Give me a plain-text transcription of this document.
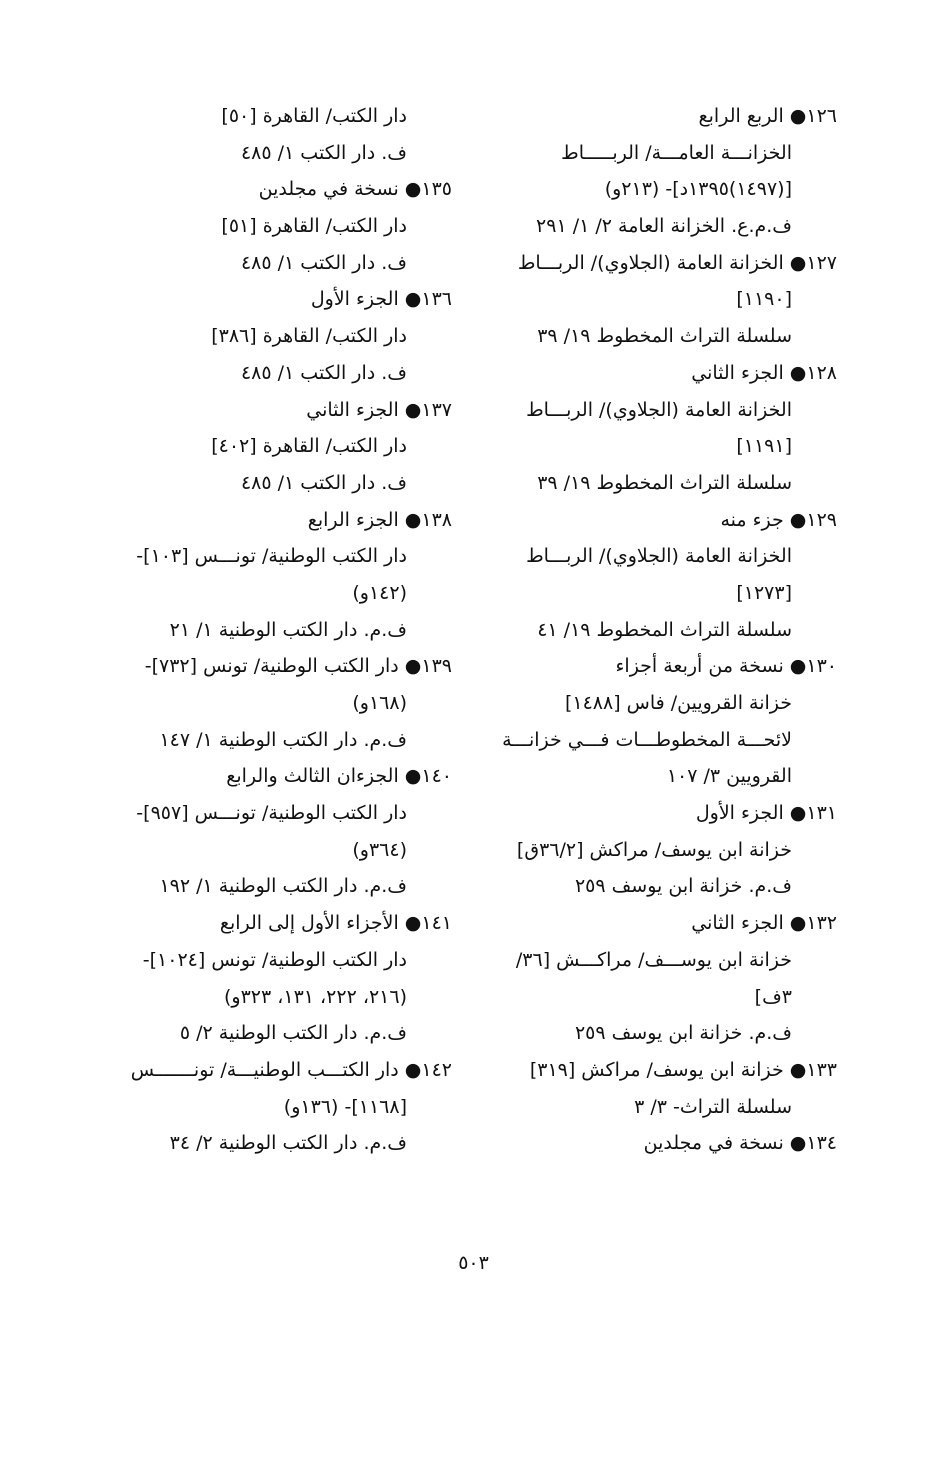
١٢٦● الربع الرابع
الخزانـــة العامـــة/ الربـــــاط
[(١٤٩٧)١٣٩٥د]- (٢١٣و)
ف.م.ع. الخزانة العامة ٢/ ١/ ٢٩١
١٢٧● الخزانة العامة (الجلاوي)/ الربـــاط
[١١٩٠]
سلسلة التراث المخطوط ١٩/ ٣٩
١٢٨● الجزء الثاني
الخزانة العامة (الجلاوي)/ الربـــاط
[١١٩١]
سلسلة التراث المخطوط ١٩/ ٣٩
١٢٩● جزء منه
الخزانة العامة (الجلاوي)/ الربـــاط
[١٢٧٣]
سلسلة التراث المخطوط ١٩/ ٤١
١٣٠● نسخة من أربعة أجزاء
خزانة القرويين/ فاس [١٤٨٨]
لائحـــة المخطوطـــات فـــي خزانـــة
القرويين ٣/ ١٠٧
١٣١● الجزء الأول
خزانة ابن يوسف/ مراكش [٣٦/٢ق]
ف.م. خزانة ابن يوسف ٢٥٩
١٣٢● الجزء الثاني
خزانة ابن يوســـف/ مراكـــش [٣٦/
٣ف]
ف.م. خزانة ابن يوسف ٢٥٩
١٣٣● خزانة ابن يوسف/ مراكش [٣١٩]
سلسلة التراث- ٣/ ٣
١٣٤● نسخة في مجلدين
دار الكتب/ القاهرة [٥٠]
ف. دار الكتب ١/ ٤٨٥
١٣٥● نسخة في مجلدين
دار الكتب/ القاهرة [٥١]
ف. دار الكتب ١/ ٤٨٥
١٣٦● الجزء الأول
دار الكتب/ القاهرة [٣٨٦]
ف. دار الكتب ١/ ٤٨٥
١٣٧● الجزء الثاني
دار الكتب/ القاهرة [٤٠٢]
ف. دار الكتب ١/ ٤٨٥
١٣٨● الجزء الرابع
دار الكتب الوطنية/ تونـــس [١٠٣]-
(١٤٢و)
ف.م. دار الكتب الوطنية ١/ ٢١
١٣٩● دار الكتب الوطنية/ تونس [٧٣٢]-
(١٦٨و)
ف.م. دار الكتب الوطنية ١/ ١٤٧
١٤٠● الجزءان الثالث والرابع
دار الكتب الوطنية/ تونـــس [٩٥٧]-
(٣٦٤و)
ف.م. دار الكتب الوطنية ١/ ١٩٢
١٤١● الأجزاء الأول إلى الرابع
دار الكتب الوطنية/ تونس [١٠٢٤]-
(٢١٦، ٢٢٢، ١٣١، ٣٢٣و)
ف.م. دار الكتب الوطنية ٢/ ٥
١٤٢● دار الكتـــب الوطنيـــة/ تونـــــــس
[١١٦٨]- (١٣٦و)
ف.م. دار الكتب الوطنية ٢/ ٣٤
٥٠٣
